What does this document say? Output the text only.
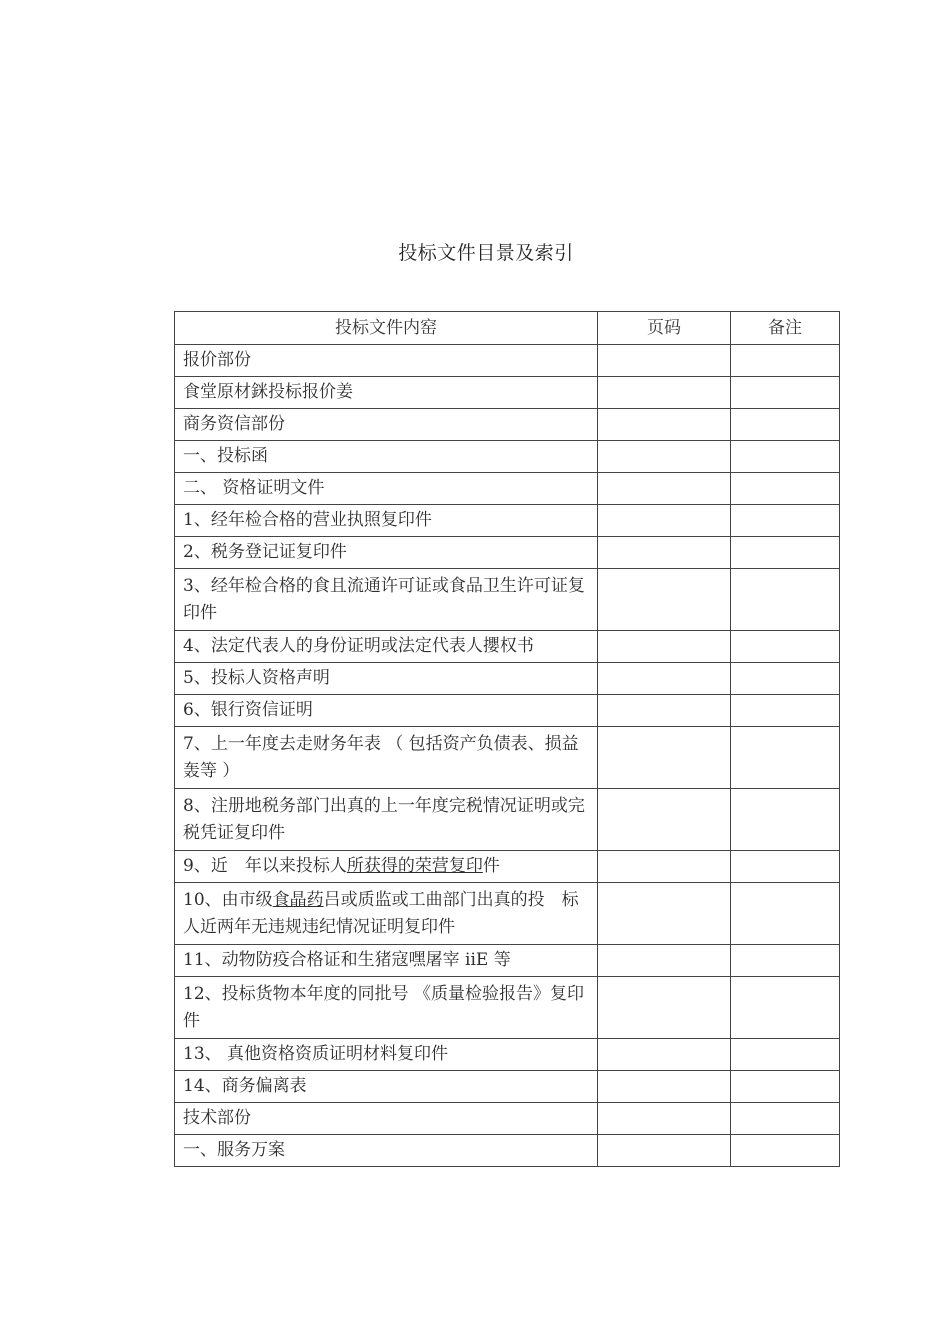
投标文件目景及索引
投标文件内窑	页码	备注
报价部份		
食堂原材銤投标报价姜		
商务资信部份		
一、投标函		
二、 资格证明文件		
1、经年检合格的营业执照复印件		
2、税务登记证复印件		
3、经年检合格的食且流通许可证或食品卫生许可证复印件		
4、法定代表人的身份证明或法定代表人攖权书		
5、投标人资格声明		
6、银行资信证明		
7、上一年度去走财务年表 （ 包括资产负债表、损益轰等 ）		
8、注册地税务部门出真的上一年度完税情况证明或完税凭证复印件		
9、近　年以来投标人所获得的荣营复印件		
10、由市级食晶药吕或质监或工曲部门出真的投　标人近两年无违规违纪情况证明复印件		
11、动物防疫合格证和生猪寇嘿屠宰 iiE 等		
12、投标货物本年度的同批号 《质量检验报告》复印件		
13、 真他资格资质证明材料复印件		
14、商务偏离表		
技术部份		
一、服务万案		
